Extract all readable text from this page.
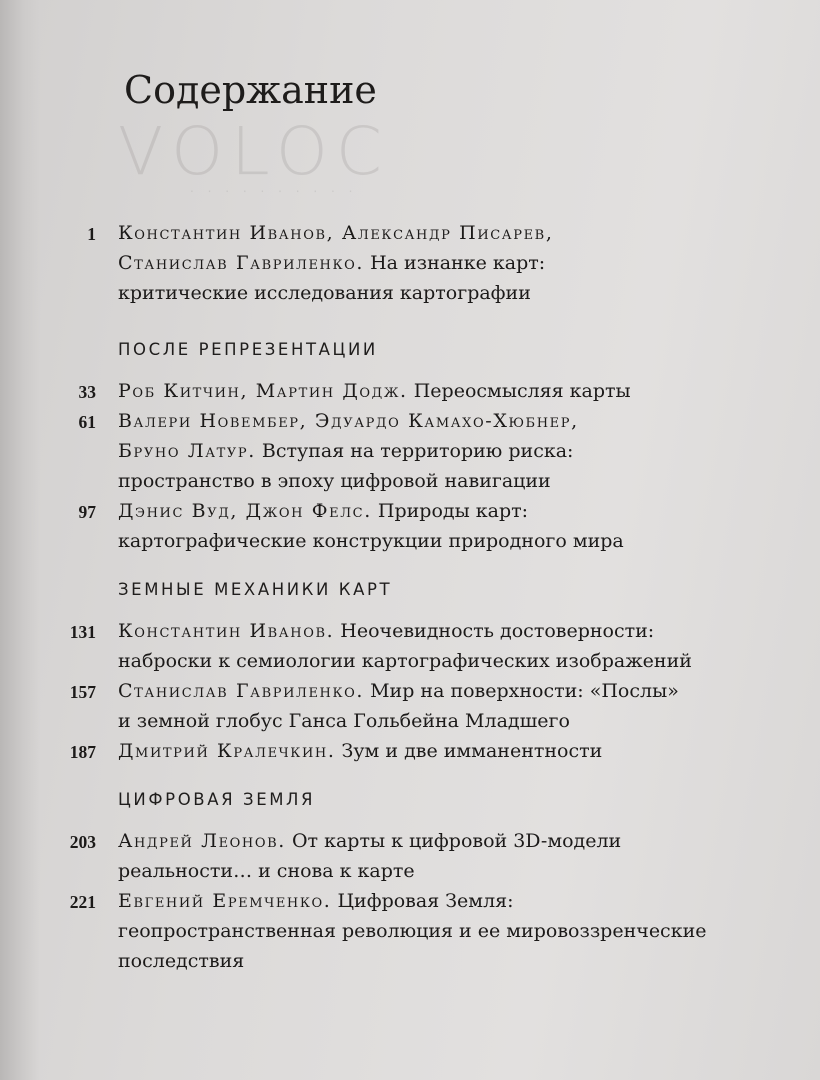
ΛΟΓΟC
· · · · · · · · · ·
Содержание
1 Константин Иванов, Александр Писарев,
Станислав Гавриленко. На изнанке карт:
критические исследования картографии
ПОСЛЕ РЕПРЕЗЕНТАЦИИ
33 Роб Китчин, Мартин Додж. Переосмысляя карты
61 Валери Новембер, Эдуардо Камахо-Хюбнер,
Бруно Латур. Вступая на территорию риска:
пространство в эпоху цифровой навигации
97 Дэнис Вуд, Джон Фелс. Природы карт:
картографические конструкции природного мира
ЗЕМНЫЕ МЕХАНИКИ КАРТ
131 Константин Иванов. Неочевидность достоверности:
наброски к семиологии картографических изображений
157 Станислав Гавриленко. Мир на поверхности: «Послы»
и земной глобус Ганса Гольбейна Младшего
187 Дмитрий Кралечкин. Зум и две имманентности
ЦИФРОВАЯ ЗЕМЛЯ
203 Андрей Леонов. От карты к цифровой 3D-модели
реальности… и снова к карте
221 Евгений Еремченко. Цифровая Земля:
геопространственная революция и ее мировоззренческие
последствия
